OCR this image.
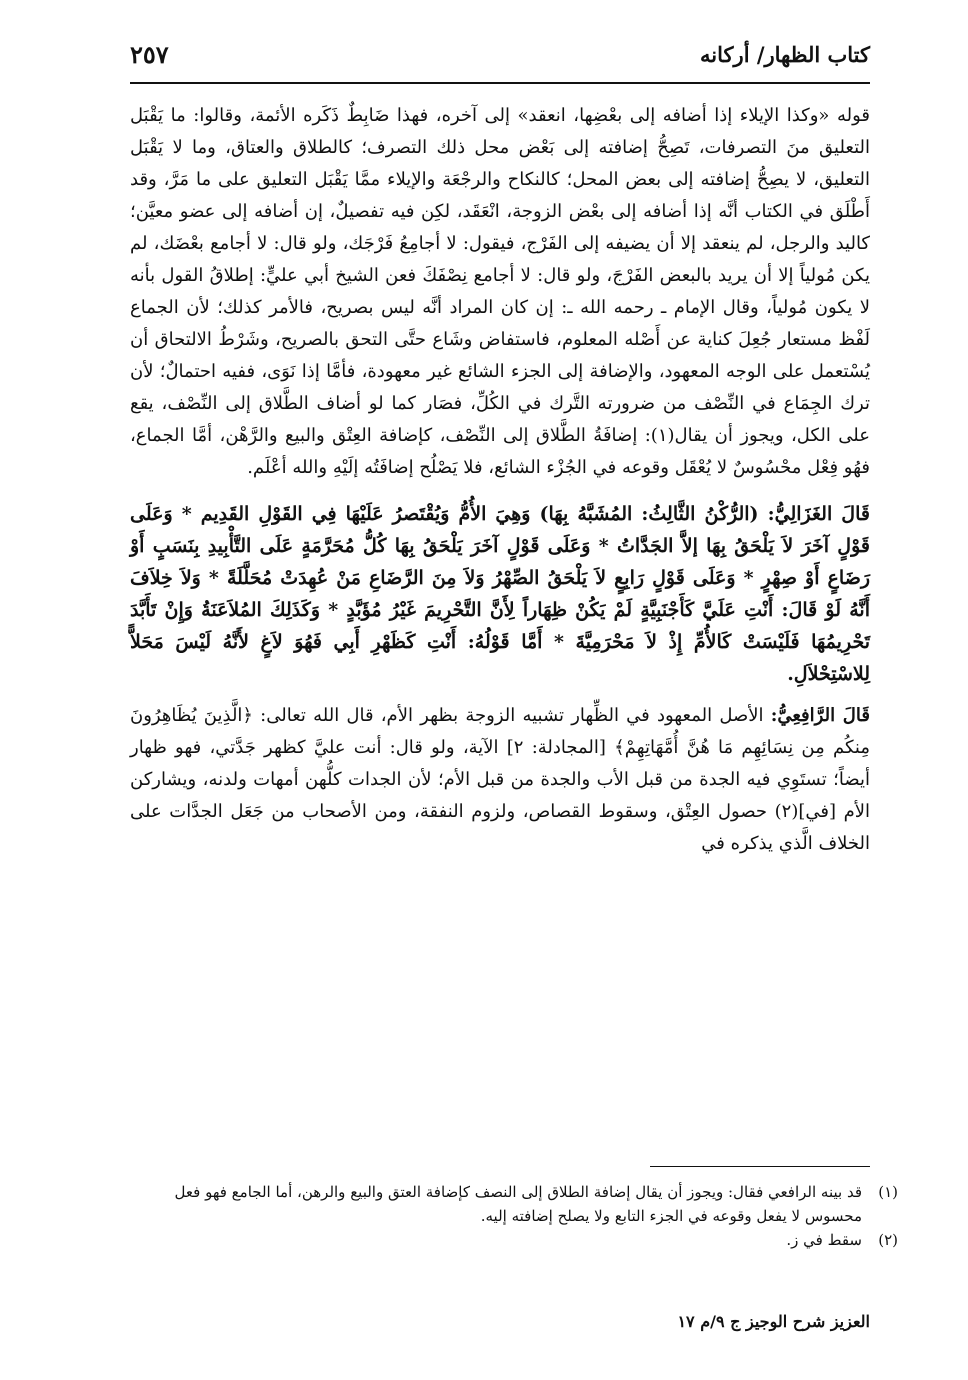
كتاب الظهار/ أركانه
٢٥٧

قوله «وكذا الإيلاء إذا أضافه إلى بعْضِها، انعقد» إلى آخره، فهذا ضَابِطٌ ذَكَره الأئمة، وقالوا: ما يَقْبَل التعليق منَ التصرفات، تَصِحُّ إضافته إلى بَعْض محل ذلك التصرف؛ كالطلاق والعتاق، وما لا يَقْبَل التعليق، لا يصِحُّ إضافته إلى بعض المحل؛ كالنكاح والرجْعَة والإيلاء ممَّا يَقْبَل التعليق على ما مَرَّ، وقد أَطْلَق في الكتاب أنَّه إذا أضافه إلى بعْض الزوجة، انْعَقَد، لكِن فيه تفصيلٌ، إن أضافه إلى عضو معيَّن؛ كاليد والرجل، لم ينعقد إلا أن يضيفه إلى الفَرْج، فيقول: لا أجامِعُ فَرْجَك، ولو قال: لا أجامع بعْضَك، لم يكن مُولياً إلا أن يريد بالبعض الفَرْجَ، ولو قال: لا أجامع نِصْفَكَ فعن الشيخ أبي عليٍّ: إطلاقُ القول بأنه لا يكون مُولياً، وقال الإمام ـ رحمه الله ـ: إن كان المراد أنَّه ليس بصريح، فالأمر كذلك؛ لأن الجماع لَفْظ مستعار جُعِلَ كناية عن أَصْله المعلوم، فاستفاض وشَاع حتَّى التحق بالصريح، وشَرْطُ الالتحاق أن يُسْتعمل على الوجه المعهود، والإضافة إلى الجزء الشائع غير معهودة، فأمَّا إذا نَوَى، ففيه احتمالٌ؛ لأن ترك الجِمَاع في النِّصْف من ضرورته التَّرك في الكُلِّ، فصَار كما لو أضاف الطَّلاق إلى النِّصْف، يقع على الكل، ويجوز أن يقال(١): إضافَةُ الطَّلاق إلى النِّصْف، كإضافة العِتْق والبيع والرَّهْن، أمَّا الجماع، فهُو فِعْل محْسُوسٌ لا يُعْقَل وقوعه في الجُزْء الشائع، فلا يَصْلُح إضافَتُه إلَيْهِ والله أعْلَم.

قَالَ الغَزَالِيُّ: (الرُّكْنُ الثَّالِثُ: المُشَبَّهُ بِهَا) وَهِيَ الأُمُّ وَيُقْتَصرُ عَلَيْهَا فِي القَوْلِ القَدِيم * وَعَلَى قَوْلٍ آخَرَ لاَ يَلْحَقُ بِهَا إلاَّ الجَدَّاتُ * وَعَلَى قَوْلٍ آخَرَ يَلْحَقُ بِهَا كُلُّ مُحَرَّمَةٍ عَلَى التَّأْبِيدِ بِنَسَبٍ أَوْ رَضَاعٍ أَوْ صِهْرٍ * وَعَلَى قَوْلٍ رَابِعٍ لاَ يَلْحَقُ الصِّهْرُ وَلاَ مِنَ الرَّضَاعِ مَنْ عُهِدَتْ مُحَلَّلَةً * وَلاَ خِلاَفَ أَنَّهُ لَوْ قَالَ: أَنْتِ عَلَيَّ كَأَجْنَبِيَّةٍ لَمْ يَكُنْ ظِهَاراً لِأَنَّ التَّحْرِيمَ غَيْرُ مُؤَبَّدٍ * وَكَذَلِكَ المُلاَعَنَةُ وَإِنْ تَأَبَّدَ تَحْرِيمُهَا فَلَيْسَتْ كَالأُمِّ إِذْ لاَ مَحْرَمِيَّةَ * أَمَّا قَوْلُهُ: أَنْتِ كَظَهْرِ أَبِي فَهُوَ لاَغٍ لأَنَّهُ لَيْسَ مَحَلاًّ لِلاسْتِحْلاَلِ.

قَالَ الرَّافِعِيُّ: الأصل المعهود في الظِّهار تشبيه الزوجة بظهر الأم، قال الله تعالى: ﴿الَّذِينَ يُظَاهِرُونَ مِنكُم مِن نِسَائِهِم مَا هُنَّ أُمَّهَاتِهِمْ﴾ [المجادلة: ٢] الآية، ولو قال: أنت عليَّ كظهر جَدَّتي، فهو ظهار أيضاً؛ تستَوِي فيه الجدة من قبل الأب والجدة من قبل الأم؛ لأن الجدات كلُّهن أمهات ولدنه، ويشاركن الأم [في](٢) حصول العِتْق، وسقوط القصاص، ولزوم النفقة، ومن الأصحاب من جَعَل الجدَّات على الخلاف الَّذي يذكره في

(١)
قد بينه الرافعي فقال: ويجوز أن يقال إضافة الطلاق إلى النصف كإضافة العتق والبيع والرهن، أما الجامع فهو فعل محسوس لا يفعل وقوعه في الجزء التابع ولا يصلح إضافته إليه.

(٢)
سقط في ز.

العزيز شرح الوجيز ج ٩/م ١٧
